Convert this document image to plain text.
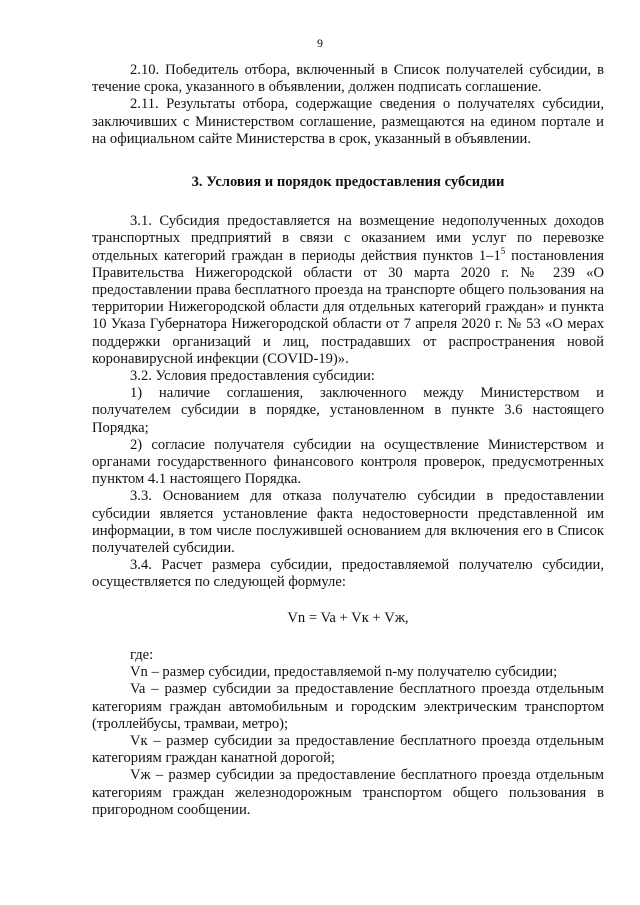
9

2.10. Победитель отбора, включенный в Список получателей субсидии, в течение срока, указанного в объявлении, должен подписать соглашение.

2.11. Результаты отбора, содержащие сведения о получателях субсидии, заключивших с Министерством соглашение, размещаются на едином портале и на официальном сайте Министерства в срок, указанный в объявлении.

3. Условия и порядок предоставления субсидии

3.1. Субсидия предоставляется на возмещение недополученных доходов транспортных предприятий в связи с оказанием ими услуг по перевозке отдельных категорий граждан в периоды действия пунктов $1-1^5$ постановления Правительства Нижегородской области от 30 марта 2020 г. № 239 «О предоставлении права бесплатного проезда на транспорте общего пользования на территории Нижегородской области для отдельных категорий граждан» и пункта 10 Указа Губернатора Нижегородской области от 7 апреля 2020 г. № 53 «О мерах поддержки организаций и лиц, пострадавших от распространения новой коронавирусной инфекции (COVID-19)».

3.2. Условия предоставления субсидии:

1) наличие соглашения, заключенного между Министерством и получателем субсидии в порядке, установленном в пункте 3.6 настоящего Порядка;

2) согласие получателя субсидии на осуществление Министерством и органами государственного финансового контроля проверок, предусмотренных пунктом 4.1 настоящего Порядка.

3.3. Основанием для отказа получателю субсидии в предоставлении субсидии является установление факта недостоверности представленной им информации, в том числе послужившей основанием для включения его в Список получателей субсидии.

3.4. Расчет размера субсидии, предоставляемой получателю субсидии, осуществляется по следующей формуле:

Vn = Va + Vк + Vж,

где:

Vn – размер субсидии, предоставляемой n-му получателю субсидии;

Va – размер субсидии за предоставление бесплатного проезда отдельным категориям граждан автомобильным и городским электрическим транспортом (троллейбусы, трамваи, метро);

Vк – размер субсидии за предоставление бесплатного проезда отдельным категориям граждан канатной дорогой;

Vж – размер субсидии за предоставление бесплатного проезда отдельным категориям граждан железнодорожным транспортом общего пользования в пригородном сообщении.
